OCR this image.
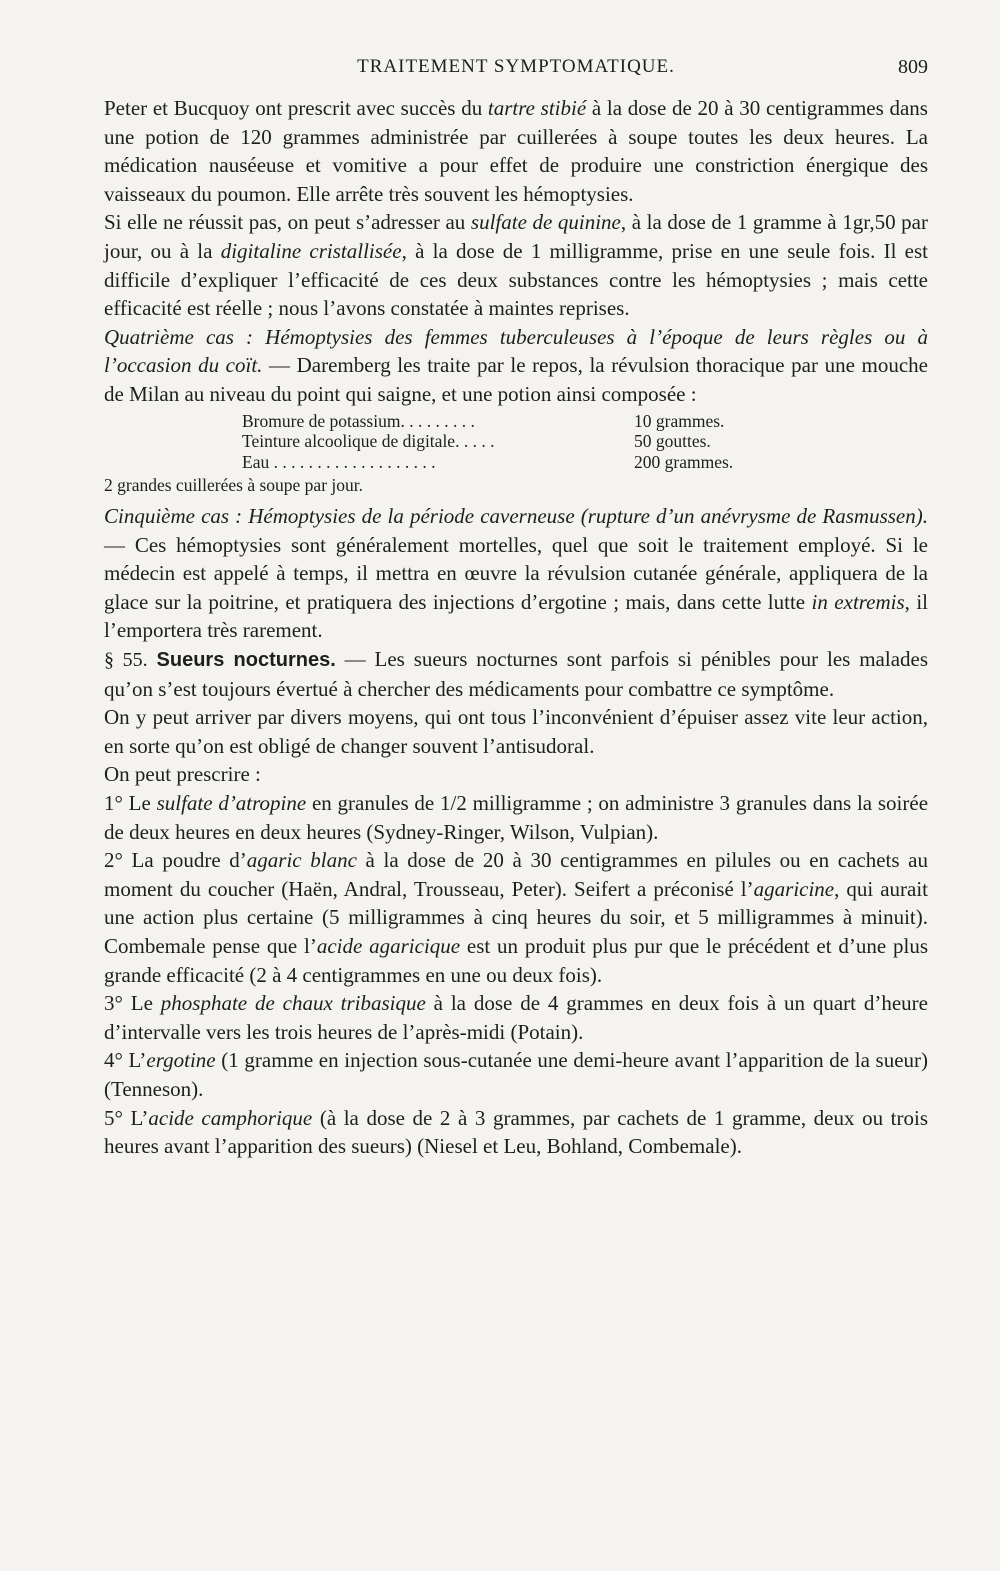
TRAITEMENT SYMPTOMATIQUE.	809

Peter et Bucquoy ont prescrit avec succès du tartre stibié à la dose de 20 à 30 centigrammes dans une potion de 120 grammes administrée par cuillerées à soupe toutes les deux heures. La médication nauséeuse et vomitive a pour effet de produire une constriction énergique des vaisseaux du poumon. Elle arrête très souvent les hémoptysies.

Si elle ne réussit pas, on peut s’adresser au sulfate de quinine, à la dose de 1 gramme à 1gr,50 par jour, ou à la digitaline cristallisée, à la dose de 1 milligramme, prise en une seule fois. Il est difficile d’expliquer l’efficacité de ces deux substances contre les hémoptysies ; mais cette efficacité est réelle ; nous l’avons constatée à maintes reprises.

Quatrième cas : Hémoptysies des femmes tuberculeuses à l’époque de leurs règles ou à l’occasion du coït. — Daremberg les traite par le repos, la révulsion thoracique par une mouche de Milan au niveau du point qui saigne, et une potion ainsi composée :

Bromure de potassium. . . . . . . . .	10 grammes.
Teinture alcoolique de digitale. . . . .	50 gouttes.
Eau . . . . . . . . . . . . . . . . . . .	200 grammes.
2 grandes cuillerées à soupe par jour.

Cinquième cas : Hémoptysies de la période caverneuse (rupture d’un anévrysme de Rasmussen). — Ces hémoptysies sont généralement mortelles, quel que soit le traitement employé. Si le médecin est appelé à temps, il mettra en œuvre la révulsion cutanée générale, appliquera de la glace sur la poitrine, et pratiquera des injections d’ergotine ; mais, dans cette lutte in extremis, il l’emportera très rarement.

§ 55. Sueurs nocturnes. — Les sueurs nocturnes sont parfois si pénibles pour les malades qu’on s’est toujours évertué à chercher des médicaments pour combattre ce symptôme.

On y peut arriver par divers moyens, qui ont tous l’inconvénient d’épuiser assez vite leur action, en sorte qu’on est obligé de changer souvent l’antisudoral.

On peut prescrire :

1° Le sulfate d’atropine en granules de 1/2 milligramme ; on administre 3 granules dans la soirée de deux heures en deux heures (Sydney-Ringer, Wilson, Vulpian).

2° La poudre d’agaric blanc à la dose de 20 à 30 centigrammes en pilules ou en cachets au moment du coucher (Haën, Andral, Trousseau, Peter). Seifert a préconisé l’agaricine, qui aurait une action plus certaine (5 milligrammes à cinq heures du soir, et 5 milligrammes à minuit). Combemale pense que l’acide agaricique est un produit plus pur que le précédent et d’une plus grande efficacité (2 à 4 centigrammes en une ou deux fois).

3° Le phosphate de chaux tribasique à la dose de 4 grammes en deux fois à un quart d’heure d’intervalle vers les trois heures de l’après-midi (Potain).

4° L’ergotine (1 gramme en injection sous-cutanée une demi-heure avant l’apparition de la sueur) (Tenneson).

5° L’acide camphorique (à la dose de 2 à 3 grammes, par cachets de 1 gramme, deux ou trois heures avant l’apparition des sueurs) (Niesel et Leu, Bohland, Combemale).
